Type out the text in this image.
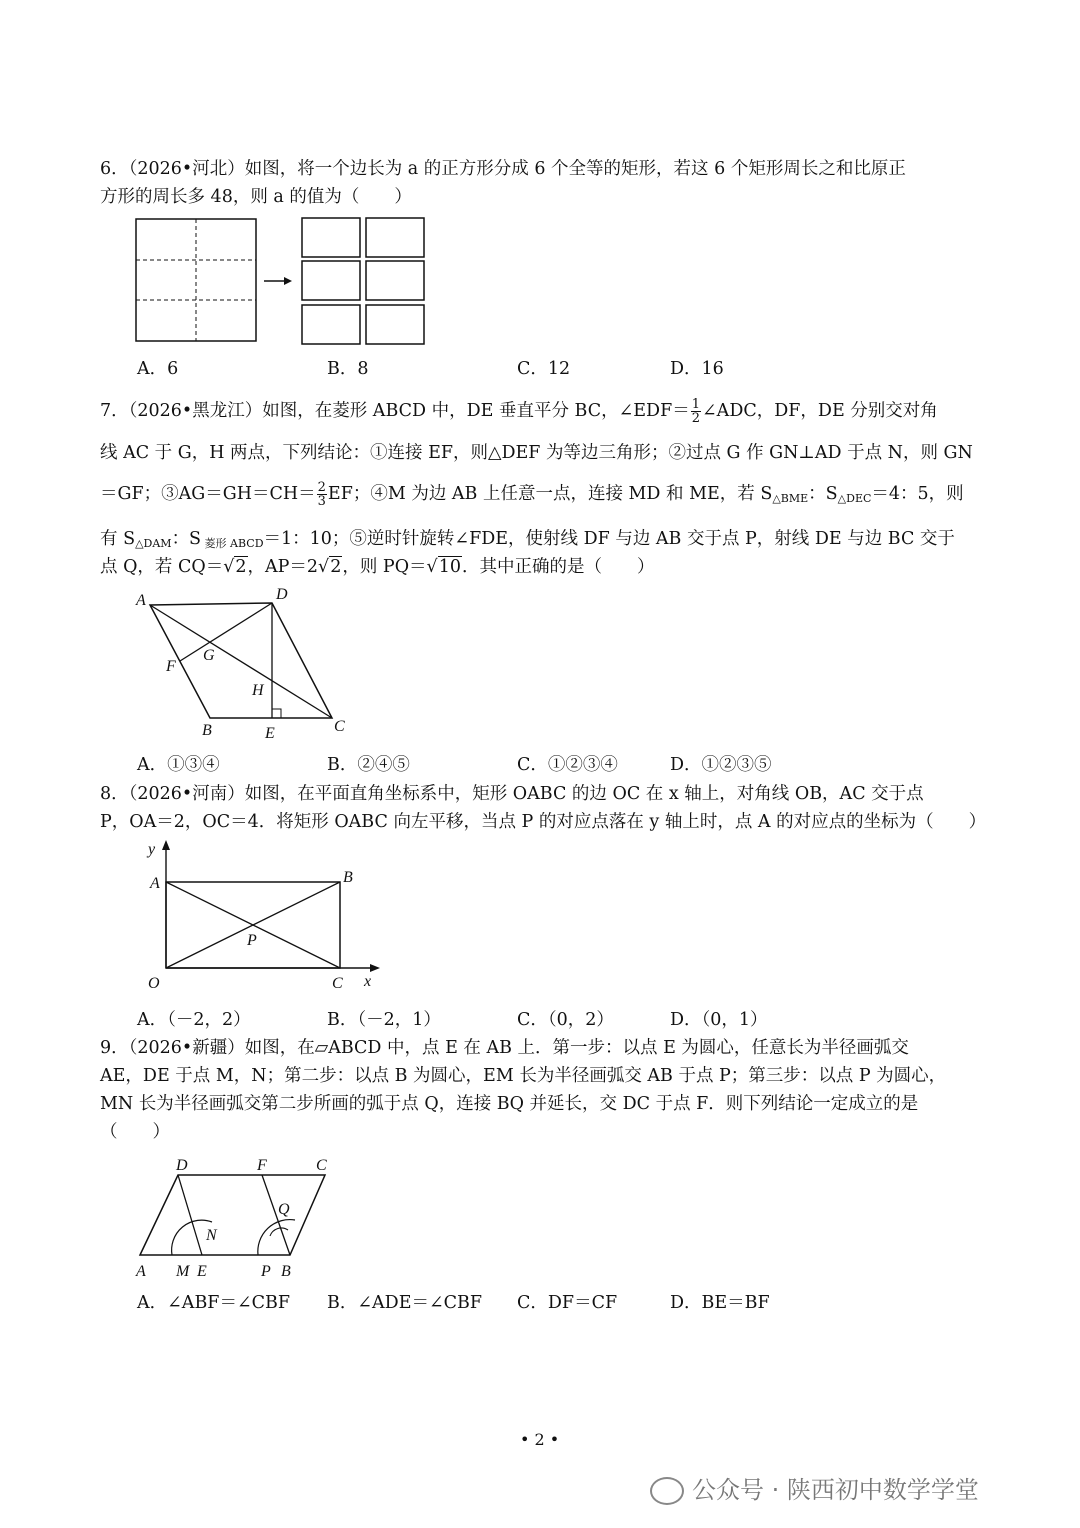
6．（2026•河北）如图，将一个边长为 a 的正方形分成 6 个全等的矩形，若这 6 个矩形周长之和比原正
方形的周长多 48，则 a 的值为（　　）
A．6	B．8	C．12	D．16
7．（2026•黑龙江）如图，在菱形 ABCD 中，DE 垂直平分 BC，∠EDF＝ $\frac{1}{2}$ ∠ADC，DF，DE 分别交对角
线 AC 于 G，H 两点，下列结论：①连接 EF，则△DEF 为等边三角形；②过点 G 作 GN⊥AD 于点 N，则 GN
＝GF；③AG＝GH＝CH＝ $\frac{2}{3}$ EF；④M 为边 AB 上任意一点，连接 MD 和 ME，若 $S_{\triangle BME}$：$S_{\triangle DEC}=4$：5，则
有 $S_{\triangle DAM}$：S $_{菱形 ABCD}$＝1：10；⑤逆时针旋转∠FDE，使射线 DF 与边 AB 交于点 P，射线 DE 与边 BC 交于
点 Q，若 CQ＝√2，AP＝2√2，则 PQ＝√10．其中正确的是（　　）
A	D
F
G
H
C
B	E
A．①③④	B．②④⑤	C．①②③④	D．①②③⑤
8．（2026•河南）如图，在平面直角坐标系中，矩形 OABC 的边 OC 在 x 轴上，对角线 OB，AC 交于点
P，OA＝2，OC＝4．将矩形 OABC 向左平移，当点 P 的对应点落在 y 轴上时，点 A 的对应点的坐标为（　　）
y
A	B
P
O	C x
A．（－2，2）	B．（－2，1）	C．（0，2）	D．（0，1）
9．（2026•新疆）如图，在▱ABCD 中，点 E 在 AB 上．第一步：以点 E 为圆心，任意长为半径画弧交
AE，DE 于点 M，N；第二步：以点 B 为圆心，EM 长为半径画弧交 AB 于点 P；第三步：以点 P 为圆心，
MN 长为半径画弧交第二步所画的弧于点 Q，连接 BQ 并延长，交 DC 于点 F．则下列结论一定成立的是
（　　）
D	F	C
Q
N
A M E	P B
A．∠ABF＝∠CBF B．∠ADE＝∠CBF C．DF＝CF	D．BE＝BF
• 2 •
公众号 · 陕西初中数学学堂
